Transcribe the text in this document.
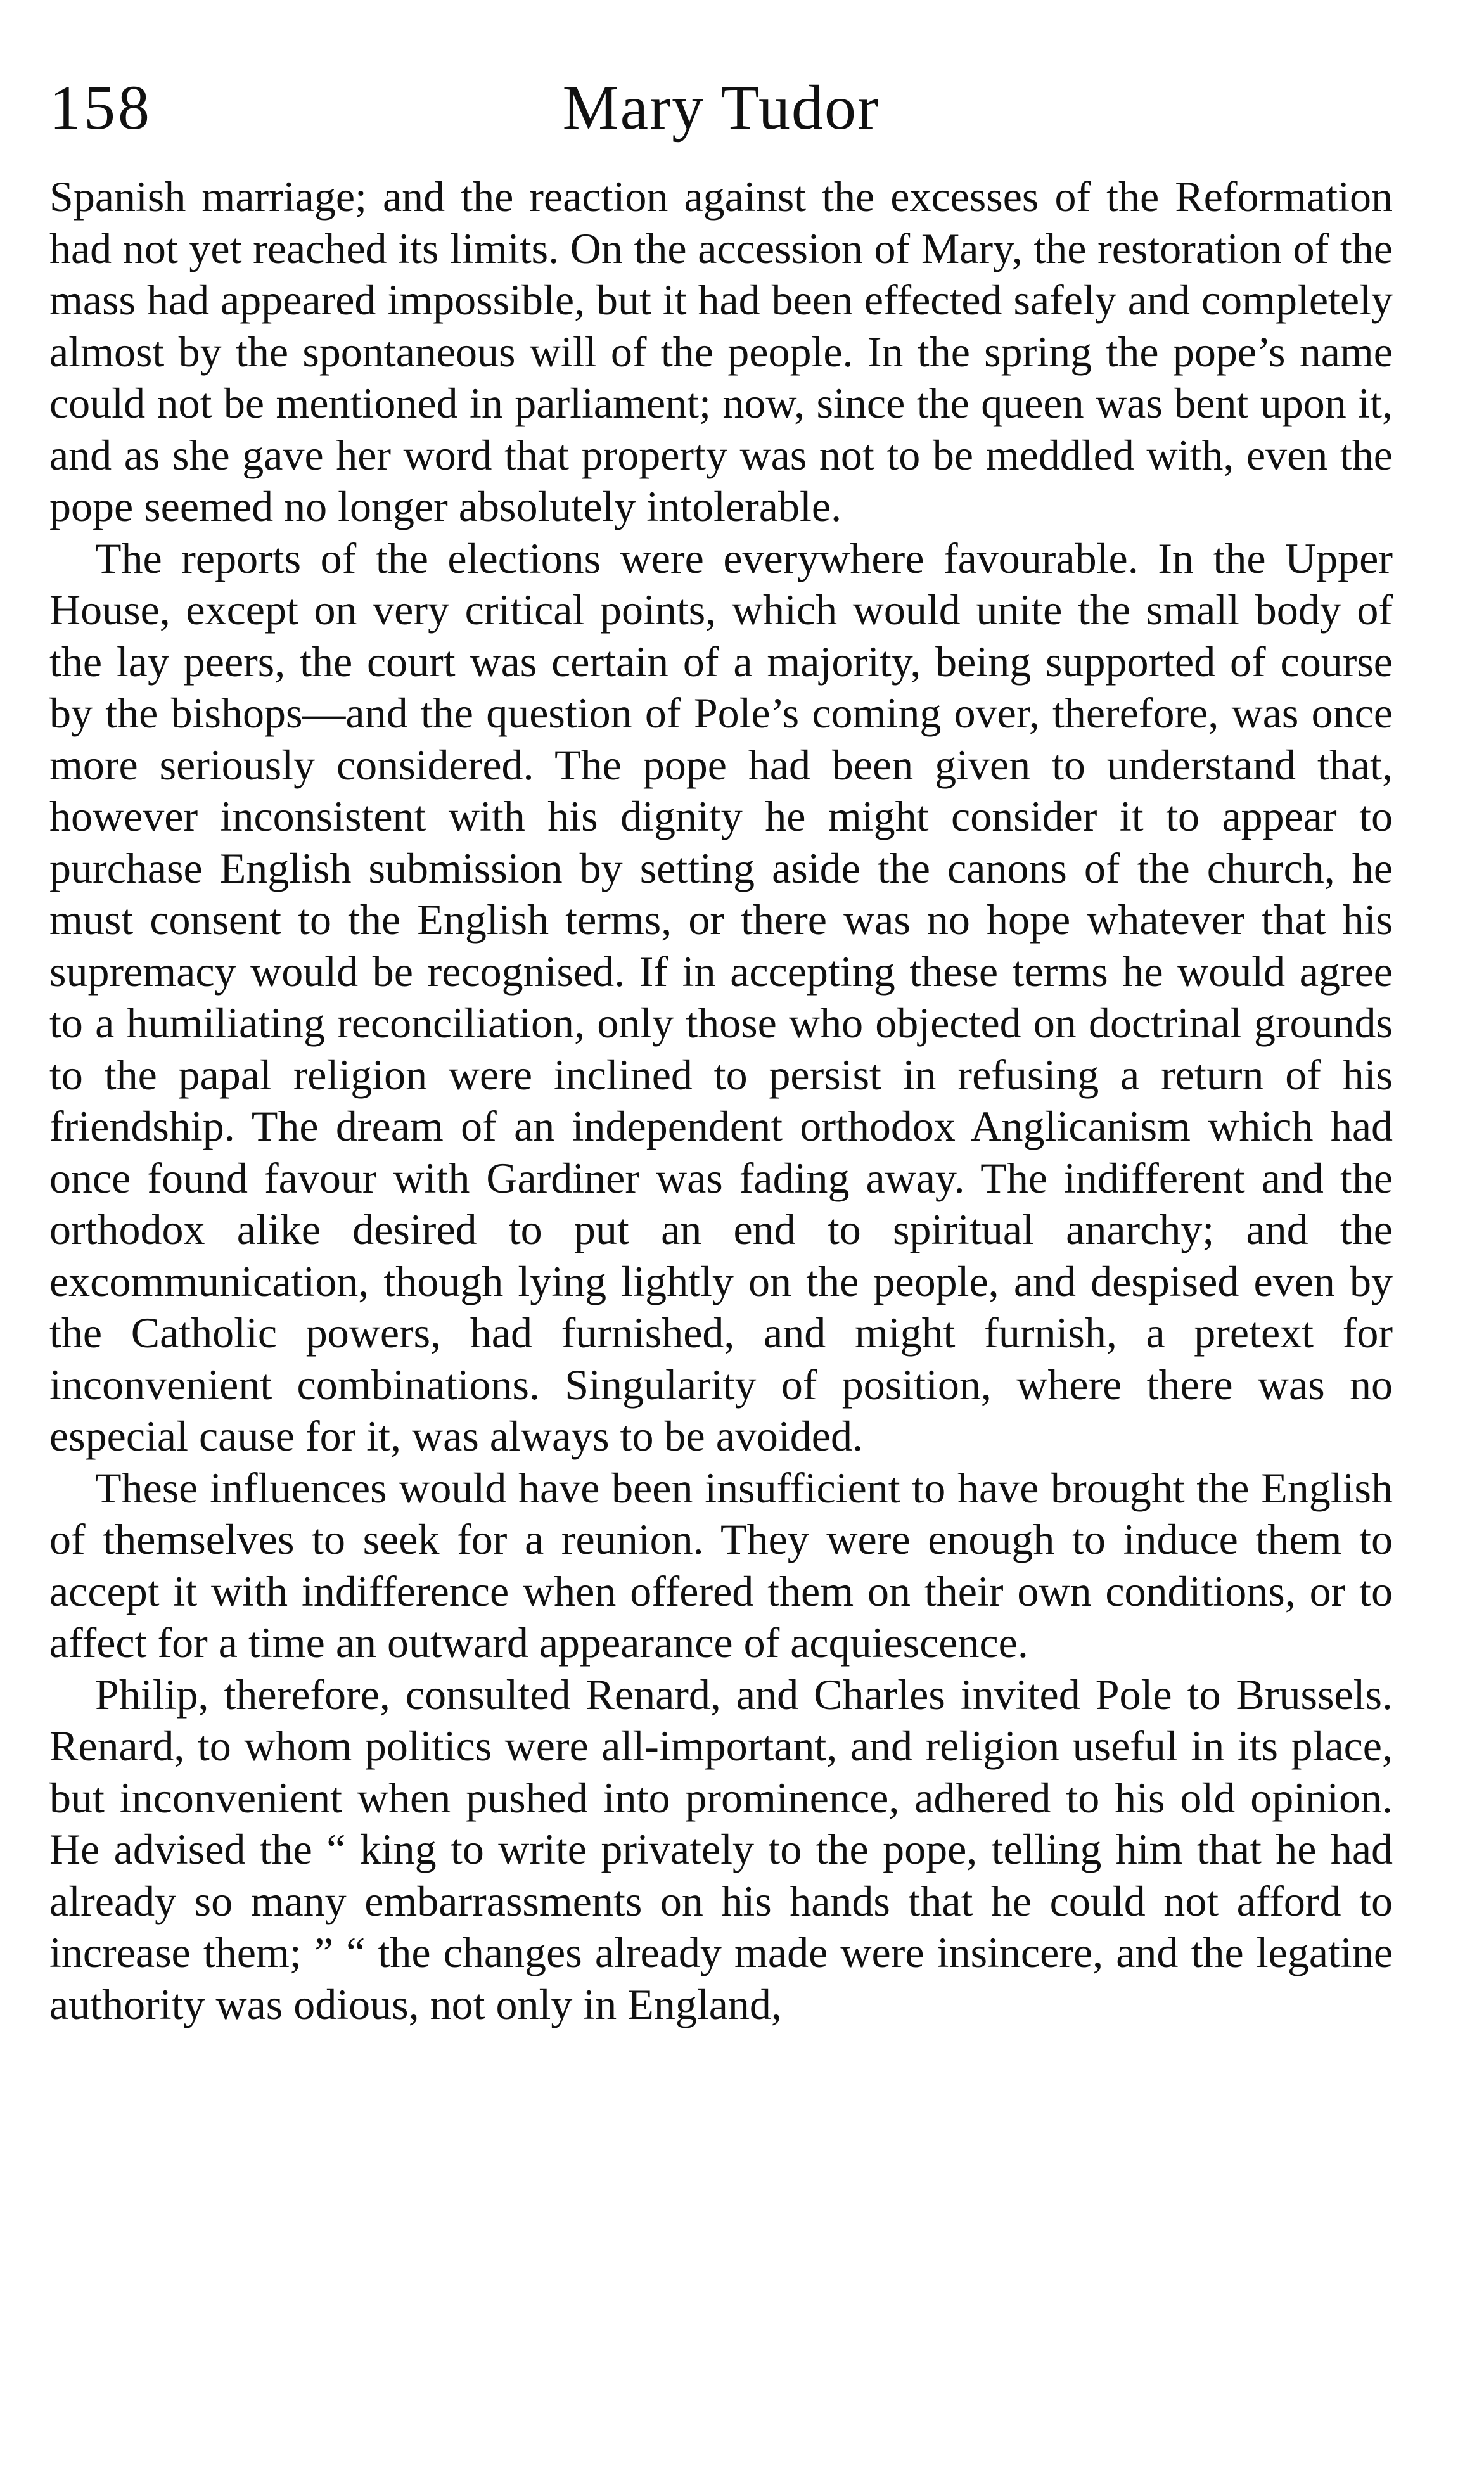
158	Mary Tudor

Spanish marriage; and the reaction against the excesses of the Reformation had not yet reached its limits. On the accession of Mary, the restoration of the mass had appeared impossible, but it had been effected safely and completely almost by the spontaneous will of the people. In the spring the pope’s name could not be mentioned in parliament; now, since the queen was bent upon it, and as she gave her word that property was not to be meddled with, even the pope seemed no longer absolutely intolerable.

The reports of the elections were everywhere favourable. In the Upper House, except on very critical points, which would unite the small body of the lay peers, the court was certain of a majority, being supported of course by the bishops—and the question of Pole’s coming over, therefore, was once more seriously considered. The pope had been given to understand that, however inconsistent with his dignity he might consider it to appear to purchase English submission by setting aside the canons of the church, he must consent to the English terms, or there was no hope whatever that his supremacy would be recognised. If in accepting these terms he would agree to a humiliating reconciliation, only those who objected on doctrinal grounds to the papal religion were inclined to persist in refusing a return of his friendship. The dream of an independent orthodox Anglicanism which had once found favour with Gardiner was fading away. The indifferent and the orthodox alike desired to put an end to spiritual anarchy; and the excommunication, though lying lightly on the people, and despised even by the Catholic powers, had furnished, and might furnish, a pretext for inconvenient combinations. Singularity of position, where there was no especial cause for it, was always to be avoided.

These influences would have been insufficient to have brought the English of themselves to seek for a reunion. They were enough to induce them to accept it with indifference when offered them on their own conditions, or to affect for a time an outward appearance of acquiescence.

Philip, therefore, consulted Renard, and Charles invited Pole to Brussels. Renard, to whom politics were all-important, and religion useful in its place, but inconvenient when pushed into prominence, adhered to his old opinion. He advised the “ king to write privately to the pope, telling him that he had already so many embarrassments on his hands that he could not afford to increase them; ” “ the changes already made were insincere, and the legatine authority was odious, not only in England,
